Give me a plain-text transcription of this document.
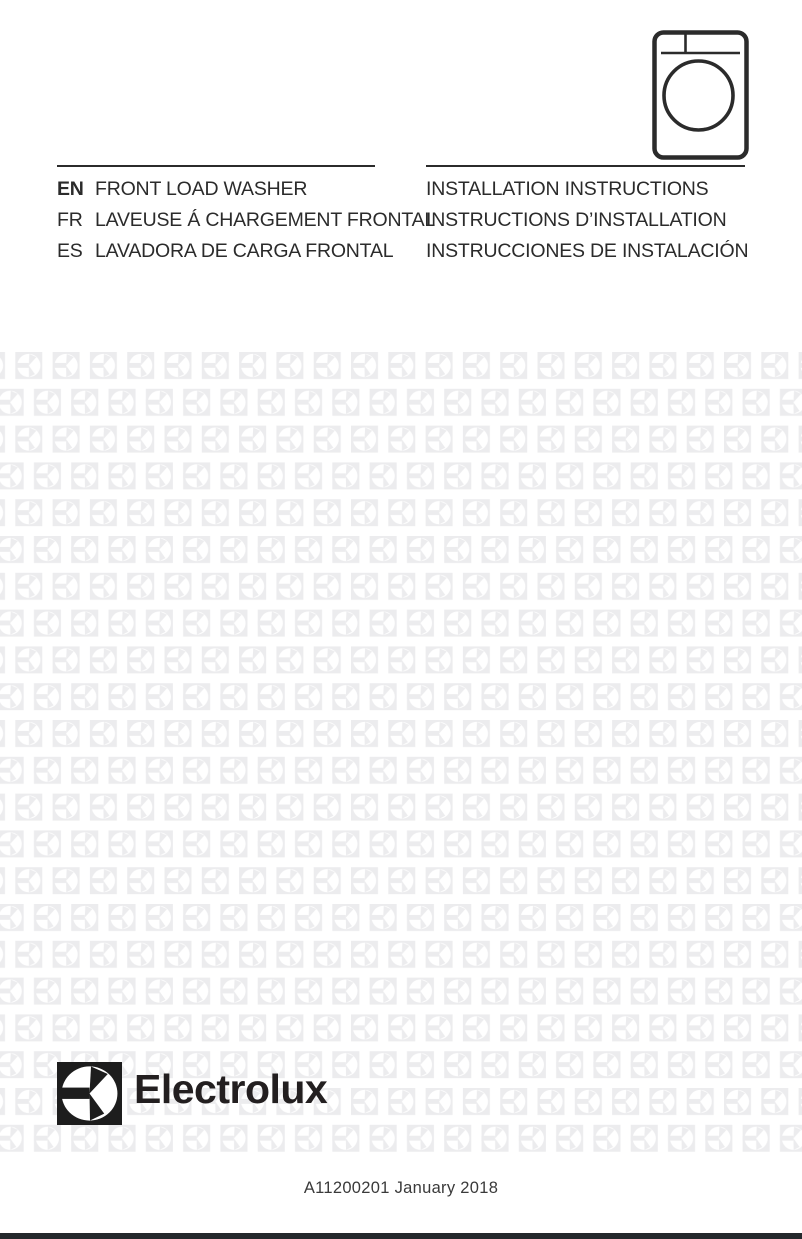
EN FRONT LOAD WASHER
FR LAVEUSE Á CHARGEMENT FRONTAL
ES LAVADORA DE CARGA FRONTAL
INSTALLATION INSTRUCTIONS
INSTRUCTIONS D’INSTALLATION
INSTRUCCIONES DE INSTALACIÓN
Electrolux
A11200201 January 2018
